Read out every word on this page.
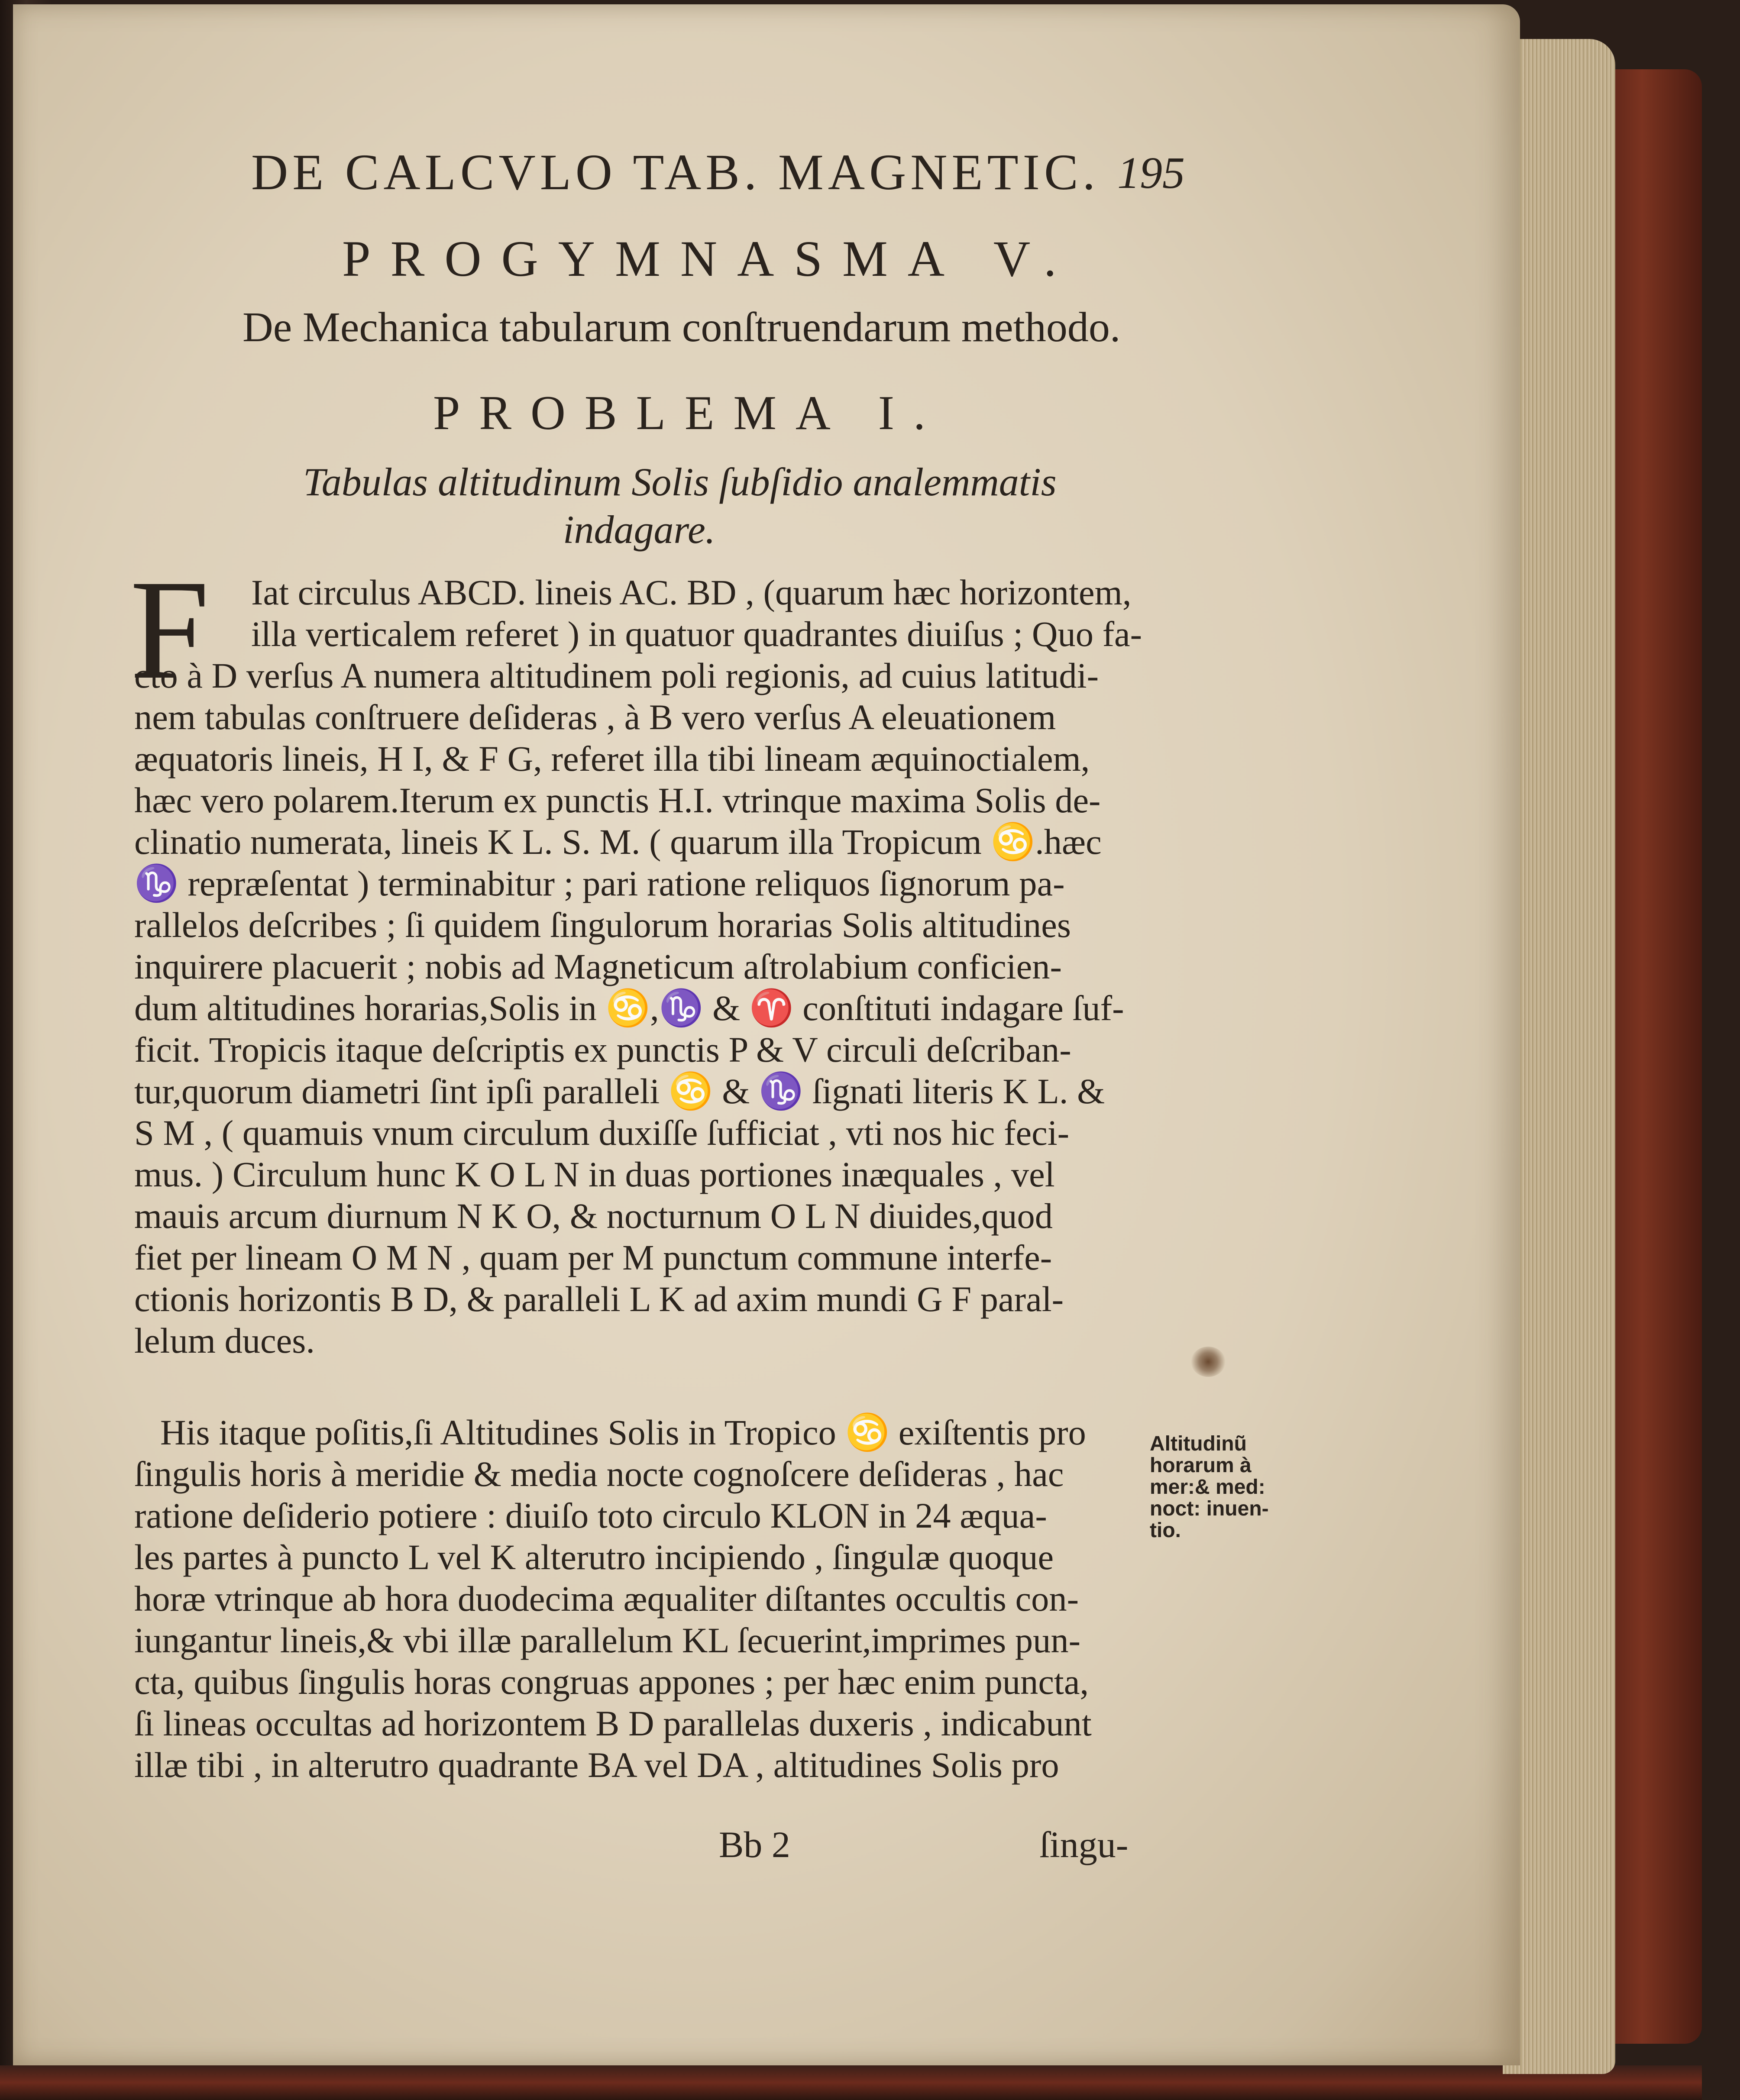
DE CALCVLO TAB. MAGNETIC. 195

PROGYMNASMA V.

De Mechanica tabularum conſtruendarum methodo.

PROBLEMA I.

Tabulas altitudinum Solis ſubſidio analemmatis

indagare.

F	Iat circulus ABCD. lineis AC. BD , (quarum hæc horizontem,
illa verticalem referet ) in quatuor quadrantes diuiſus ; Quo fa-
cto à D verſus A numera altitudinem poli regionis, ad cuius latitudi-
nem tabulas conſtruere deſideras , à B vero verſus A eleuationem
æquatoris lineis, H I, & F G, referet illa tibi lineam æquinoctialem,
hæc vero polarem.Iterum ex punctis H.I. vtrinque maxima Solis de-
clinatio numerata, lineis K L. S. M. ( quarum illa Tropicum ♋.hæc
♑ repræſentat ) terminabitur ; pari ratione reliquos ſignorum pa-
rallelos deſcribes ; ſi quidem ſingulorum horarias Solis altitudines
inquirere placuerit ; nobis ad Magneticum aſtrolabium conficien-
dum altitudines horarias,Solis in ♋,♑ & ♈ conſtituti indagare ſuf-
ficit. Tropicis itaque deſcriptis ex punctis P & V circuli deſcriban-
tur,quorum diametri ſint ipſi paralleli ♋ & ♑ ſignati literis K L. &
S M , ( quamuis vnum circulum duxiſſe ſufficiat , vti nos hic feci-
mus. ) Circulum hunc K O L N in duas portiones inæquales , vel
mauis arcum diurnum N K O, & nocturnum O L N diuides,quod
fiet per lineam O M N , quam per M punctum commune interfe-
ctionis horizontis B D, & paralleli L K ad axim mundi G F paral-
lelum duces.
His itaque poſitis,ſi Altitudines Solis in Tropico ♋ exiſtentis pro
ſingulis horis à meridie & media nocte cognoſcere deſideras , hac
ratione deſiderio potiere : diuiſo toto circulo KLON in 24 æqua-
les partes à puncto L vel K alterutro incipiendo , ſingulæ quoque
horæ vtrinque ab hora duodecima æqualiter diſtantes occultis con-
iungantur lineis,& vbi illæ parallelum KL ſecuerint,imprimes pun-
cta, quibus ſingulis horas congruas appones ; per hæc enim puncta,
ſi lineas occultas ad horizontem B D parallelas duxeris , indicabunt
illæ tibi , in alterutro quadrante BA vel DA , altitudines Solis pro
Altitudinũ
horarum à
mer:& med:
noct: inuen-
tio.

Bb 2	ſingu-
